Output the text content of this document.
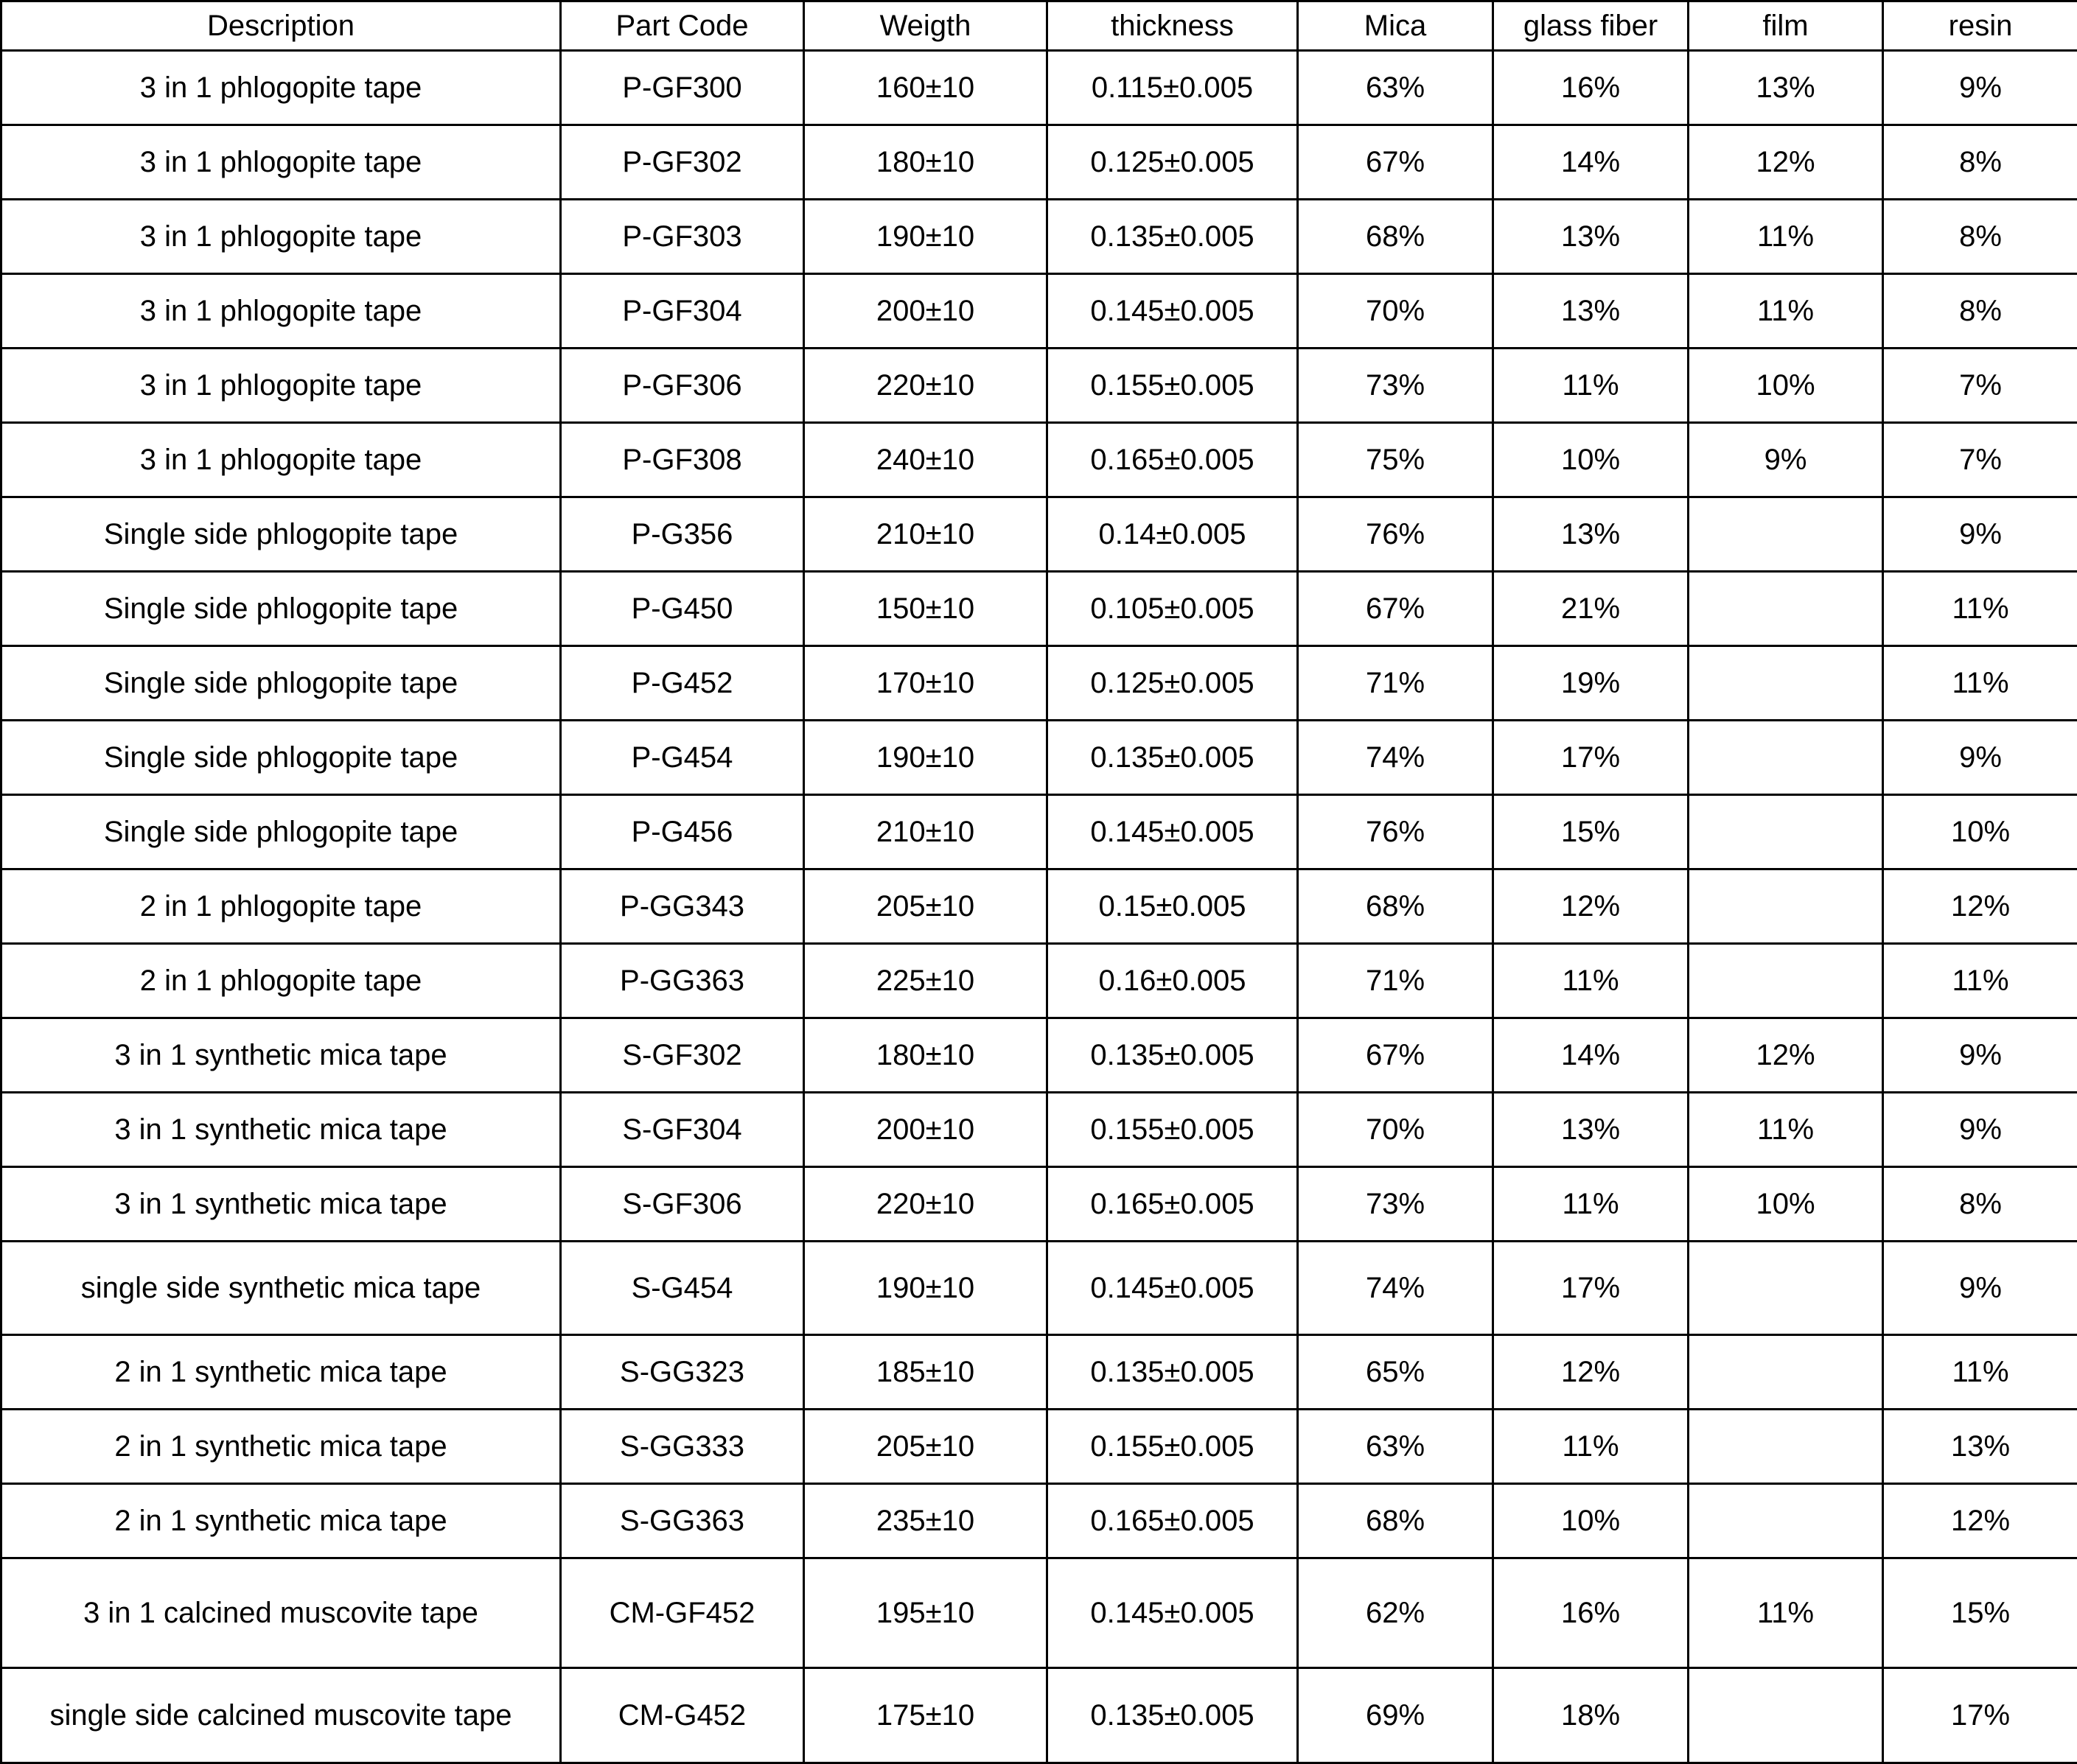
Description	Part Code	Weigth	thickness	Mica	glass fiber	film	resin
3 in 1 phlogopite tape	P-GF300	160±10	0.115±0.005	63%	16%	13%	9%
3 in 1 phlogopite tape	P-GF302	180±10	0.125±0.005	67%	14%	12%	8%
3 in 1 phlogopite tape	P-GF303	190±10	0.135±0.005	68%	13%	11%	8%
3 in 1 phlogopite tape	P-GF304	200±10	0.145±0.005	70%	13%	11%	8%
3 in 1 phlogopite tape	P-GF306	220±10	0.155±0.005	73%	11%	10%	7%
3 in 1 phlogopite tape	P-GF308	240±10	0.165±0.005	75%	10%	9%	7%
Single side phlogopite tape	P-G356	210±10	0.14±0.005	76%	13%		9%
Single side phlogopite tape	P-G450	150±10	0.105±0.005	67%	21%		11%
Single side phlogopite tape	P-G452	170±10	0.125±0.005	71%	19%		11%
Single side phlogopite tape	P-G454	190±10	0.135±0.005	74%	17%		9%
Single side phlogopite tape	P-G456	210±10	0.145±0.005	76%	15%		10%
2 in 1 phlogopite tape	P-GG343	205±10	0.15±0.005	68%	12%		12%
2 in 1 phlogopite tape	P-GG363	225±10	0.16±0.005	71%	11%		11%
3 in 1 synthetic mica tape	S-GF302	180±10	0.135±0.005	67%	14%	12%	9%
3 in 1 synthetic mica tape	S-GF304	200±10	0.155±0.005	70%	13%	11%	9%
3 in 1 synthetic mica tape	S-GF306	220±10	0.165±0.005	73%	11%	10%	8%
single side synthetic mica tape	S-G454	190±10	0.145±0.005	74%	17%		9%
2 in 1 synthetic mica tape	S-GG323	185±10	0.135±0.005	65%	12%		11%
2 in 1 synthetic mica tape	S-GG333	205±10	0.155±0.005	63%	11%		13%
2 in 1 synthetic mica tape	S-GG363	235±10	0.165±0.005	68%	10%		12%
3 in 1 calcined muscovite tape	CM-GF452	195±10	0.145±0.005	62%	16%	11%	15%
single side calcined muscovite tape	CM-G452	175±10	0.135±0.005	69%	18%		17%
